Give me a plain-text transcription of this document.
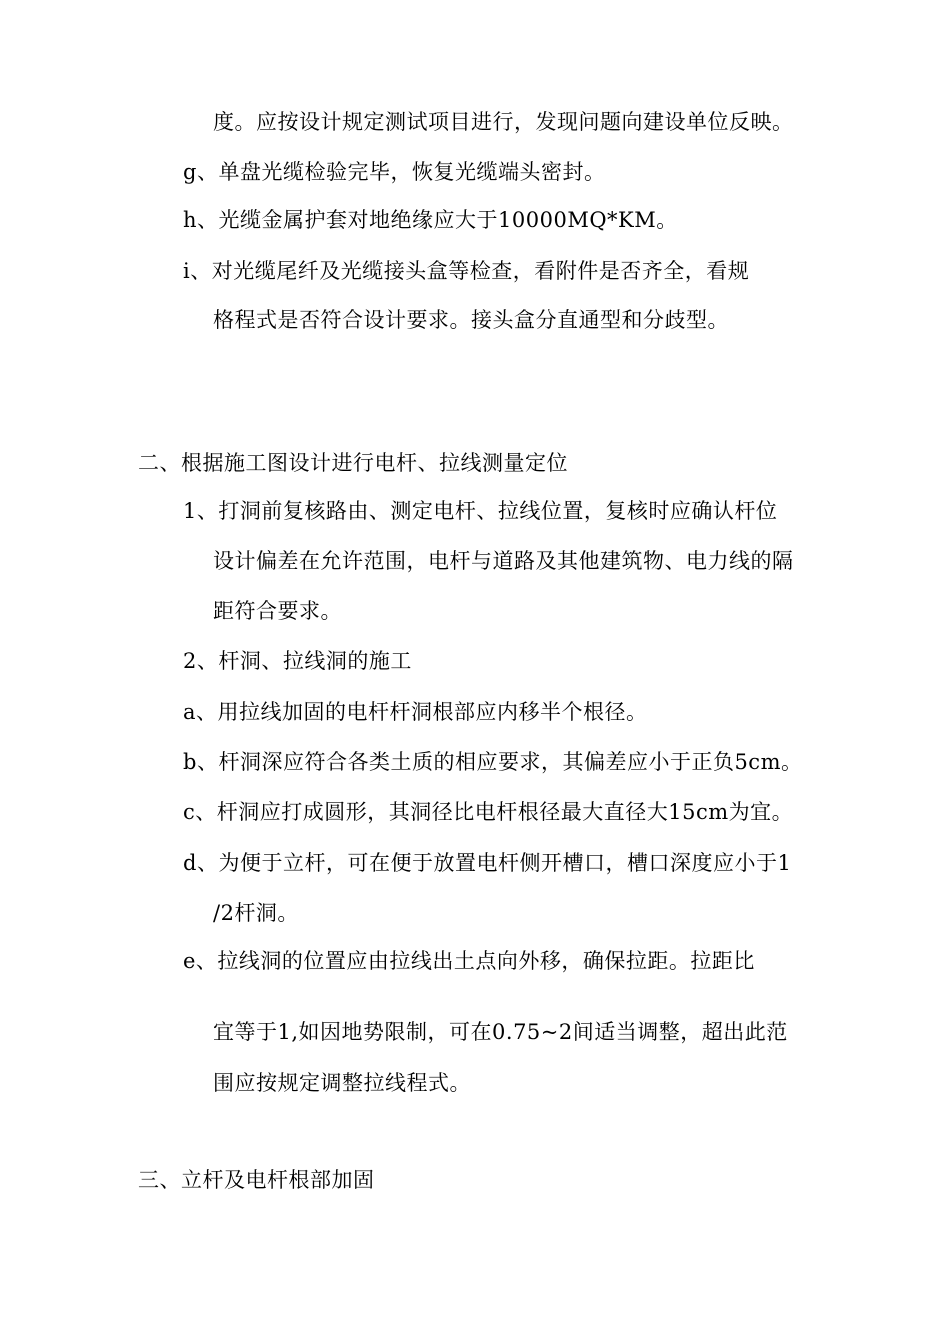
度。应按设计规定测试项目进行，发现问题向建设单位反映。
g、单盘光缆检验完毕，恢复光缆端头密封。
h、光缆金属护套对地绝缘应大于10000MQ*KM。
i、对光缆尾纤及光缆接头盒等检查，看附件是否齐全，看规
格程式是否符合设计要求。接头盒分直通型和分歧型。
二、根据施工图设计进行电杆、拉线测量定位
1、打洞前复核路由、测定电杆、拉线位置，复核时应确认杆位
设计偏差在允许范围，电杆与道路及其他建筑物、电力线的隔
距符合要求。
2、杆洞、拉线洞的施工
a、用拉线加固的电杆杆洞根部应内移半个根径。
b、杆洞深应符合各类土质的相应要求，其偏差应小于正负5cm。
c、杆洞应打成圆形，其洞径比电杆根径最大直径大15cm为宜。
d、为便于立杆，可在便于放置电杆侧开槽口，槽口深度应小于1
/2杆洞。
e、拉线洞的位置应由拉线出土点向外移，确保拉距。拉距比
宜等于1,如因地势限制，可在0.75~2间适当调整，超出此范
围应按规定调整拉线程式。
三、立杆及电杆根部加固
